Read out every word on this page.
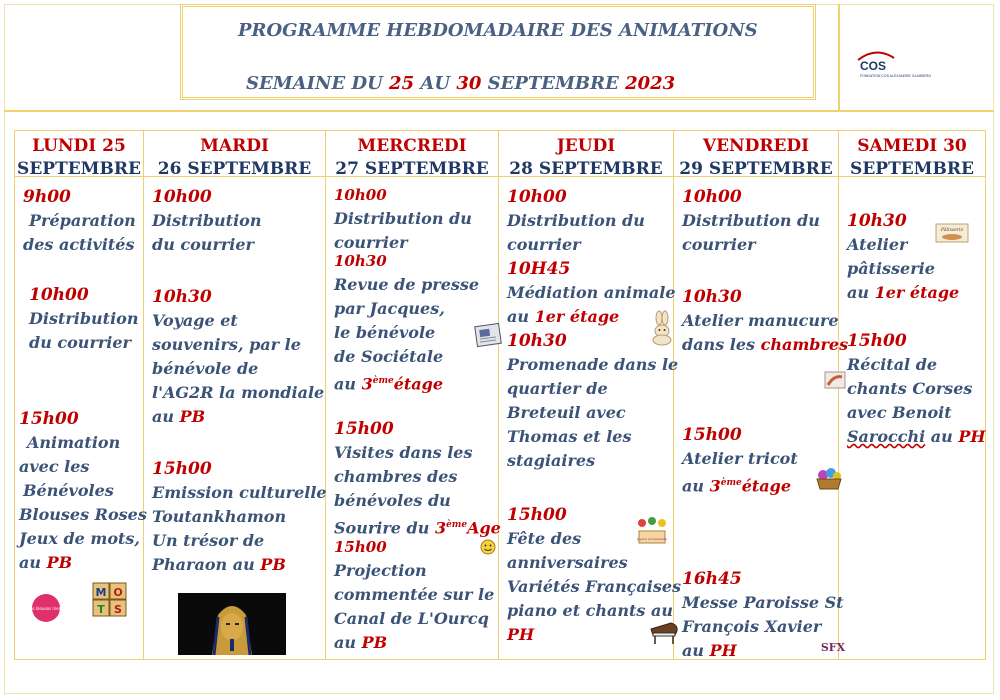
PROGRAMME HEBDOMADAIRE DES ANIMATIONS
SEMAINE DU 25 AU 30 SEPTEMBRE 2023
COS
FONDATION COS ALEXANDRE GLASBERG
LUNDI 25
SEPTEMBRE
9h00
Préparation
des activités
10h00
Distribution
du courrier
15h00
Animation
avec les
Bénévoles
Blouses Roses
Jeux de mots,
au PB
les blouses roses
M O
T S
MARDI
26 SEPTEMBRE
10h00
Distribution
du courrier
10h30
Voyage et
souvenirs, par le
bénévole de
l'AG2R la mondiale
au PB
15h00
Emission culturelle
Toutankhamon
Un trésor de
Pharaon au PB
MERCREDI
27 SEPTEMBRE
10h00
Distribution du
courrier
10h30
Revue de presse
par Jacques,
le bénévole
de Sociétale
au 3èmeétage
15h00
Visites dans les
chambres des
bénévoles du
Sourire du 3èmeAge
15h00
Projection
commentée sur le
Canal de L'Ourcq
au PB
JEUDI
28 SEPTEMBRE
10h00
Distribution du
courrier
10H45
Médiation animale
au 1er étage
10h30
Promenade dans le
quartier de
Breteuil avec
Thomas et les
stagiaires
15h00
Fête des
anniversaires
Variétés Françaises
piano et chants au
PH
Joyeux Anniversaire
VENDREDI
29 SEPTEMBRE
10h00
Distribution du
courrier
10h30
Atelier manucure
dans les chambres
15h00
Atelier tricot
au 3èmeétage
16h45
Messe Paroisse St
François Xavier
au PH	SFX
SAMEDI 30
SEPTEMBRE
10h30
Atelier
pâtisserie
au 1er étage
15h00
Récital de
chants Corses
avec Benoit
Sarocchi au PH
Pâtisserie
